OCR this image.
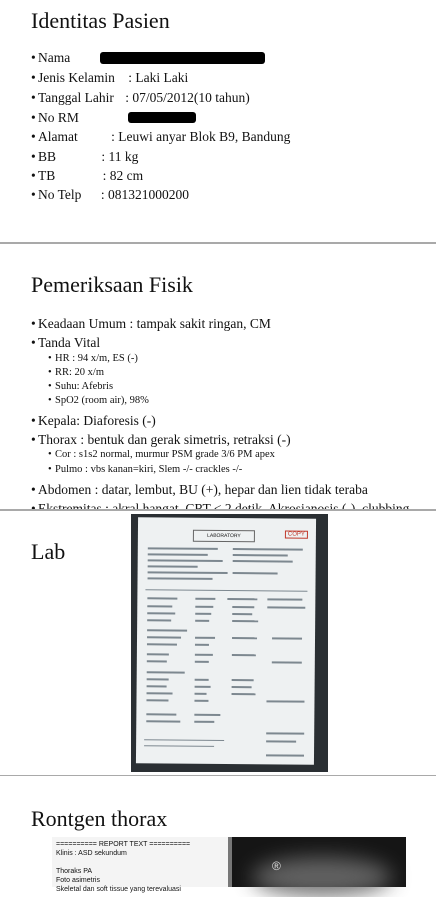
Identitas Pasien
• Nama
• Jenis Kelamin : Laki Laki
• Tanggal Lahir : 07/05/2012(10 tahun)
• No RM
• Alamat : Leuwi anyar Blok B9, Bandung
• BB	: 11 kg
• TB	: 82 cm
• No Telp : 081321000200
Pemeriksaan Fisik
• Keadaan Umum : tampak sakit ringan, CM
• Tanda Vital
• HR : 94 x/m, ES (-)
• RR: 20 x/m
• Suhu: Afebris
• SpO2 (room air), 98%
• Kepala: Diaforesis (-)
• Thorax : bentuk dan gerak simetris, retraksi (-)
• Cor : s1s2 normal, murmur PSM grade 3/6 PM apex
• Pulmo : vbs kanan=kiri, Slem -/- crackles -/-
• Abdomen : datar, lembut, BU (+), hepar dan lien tidak teraba
Lab
LABORATORY	COPY
Rontgen thorax
========== REPORT TEXT ==========
Klinis : ASD sekundum

Thoraks PA
Foto asimetris
Skeletal dan soft tissue yang terevaluasi
®
